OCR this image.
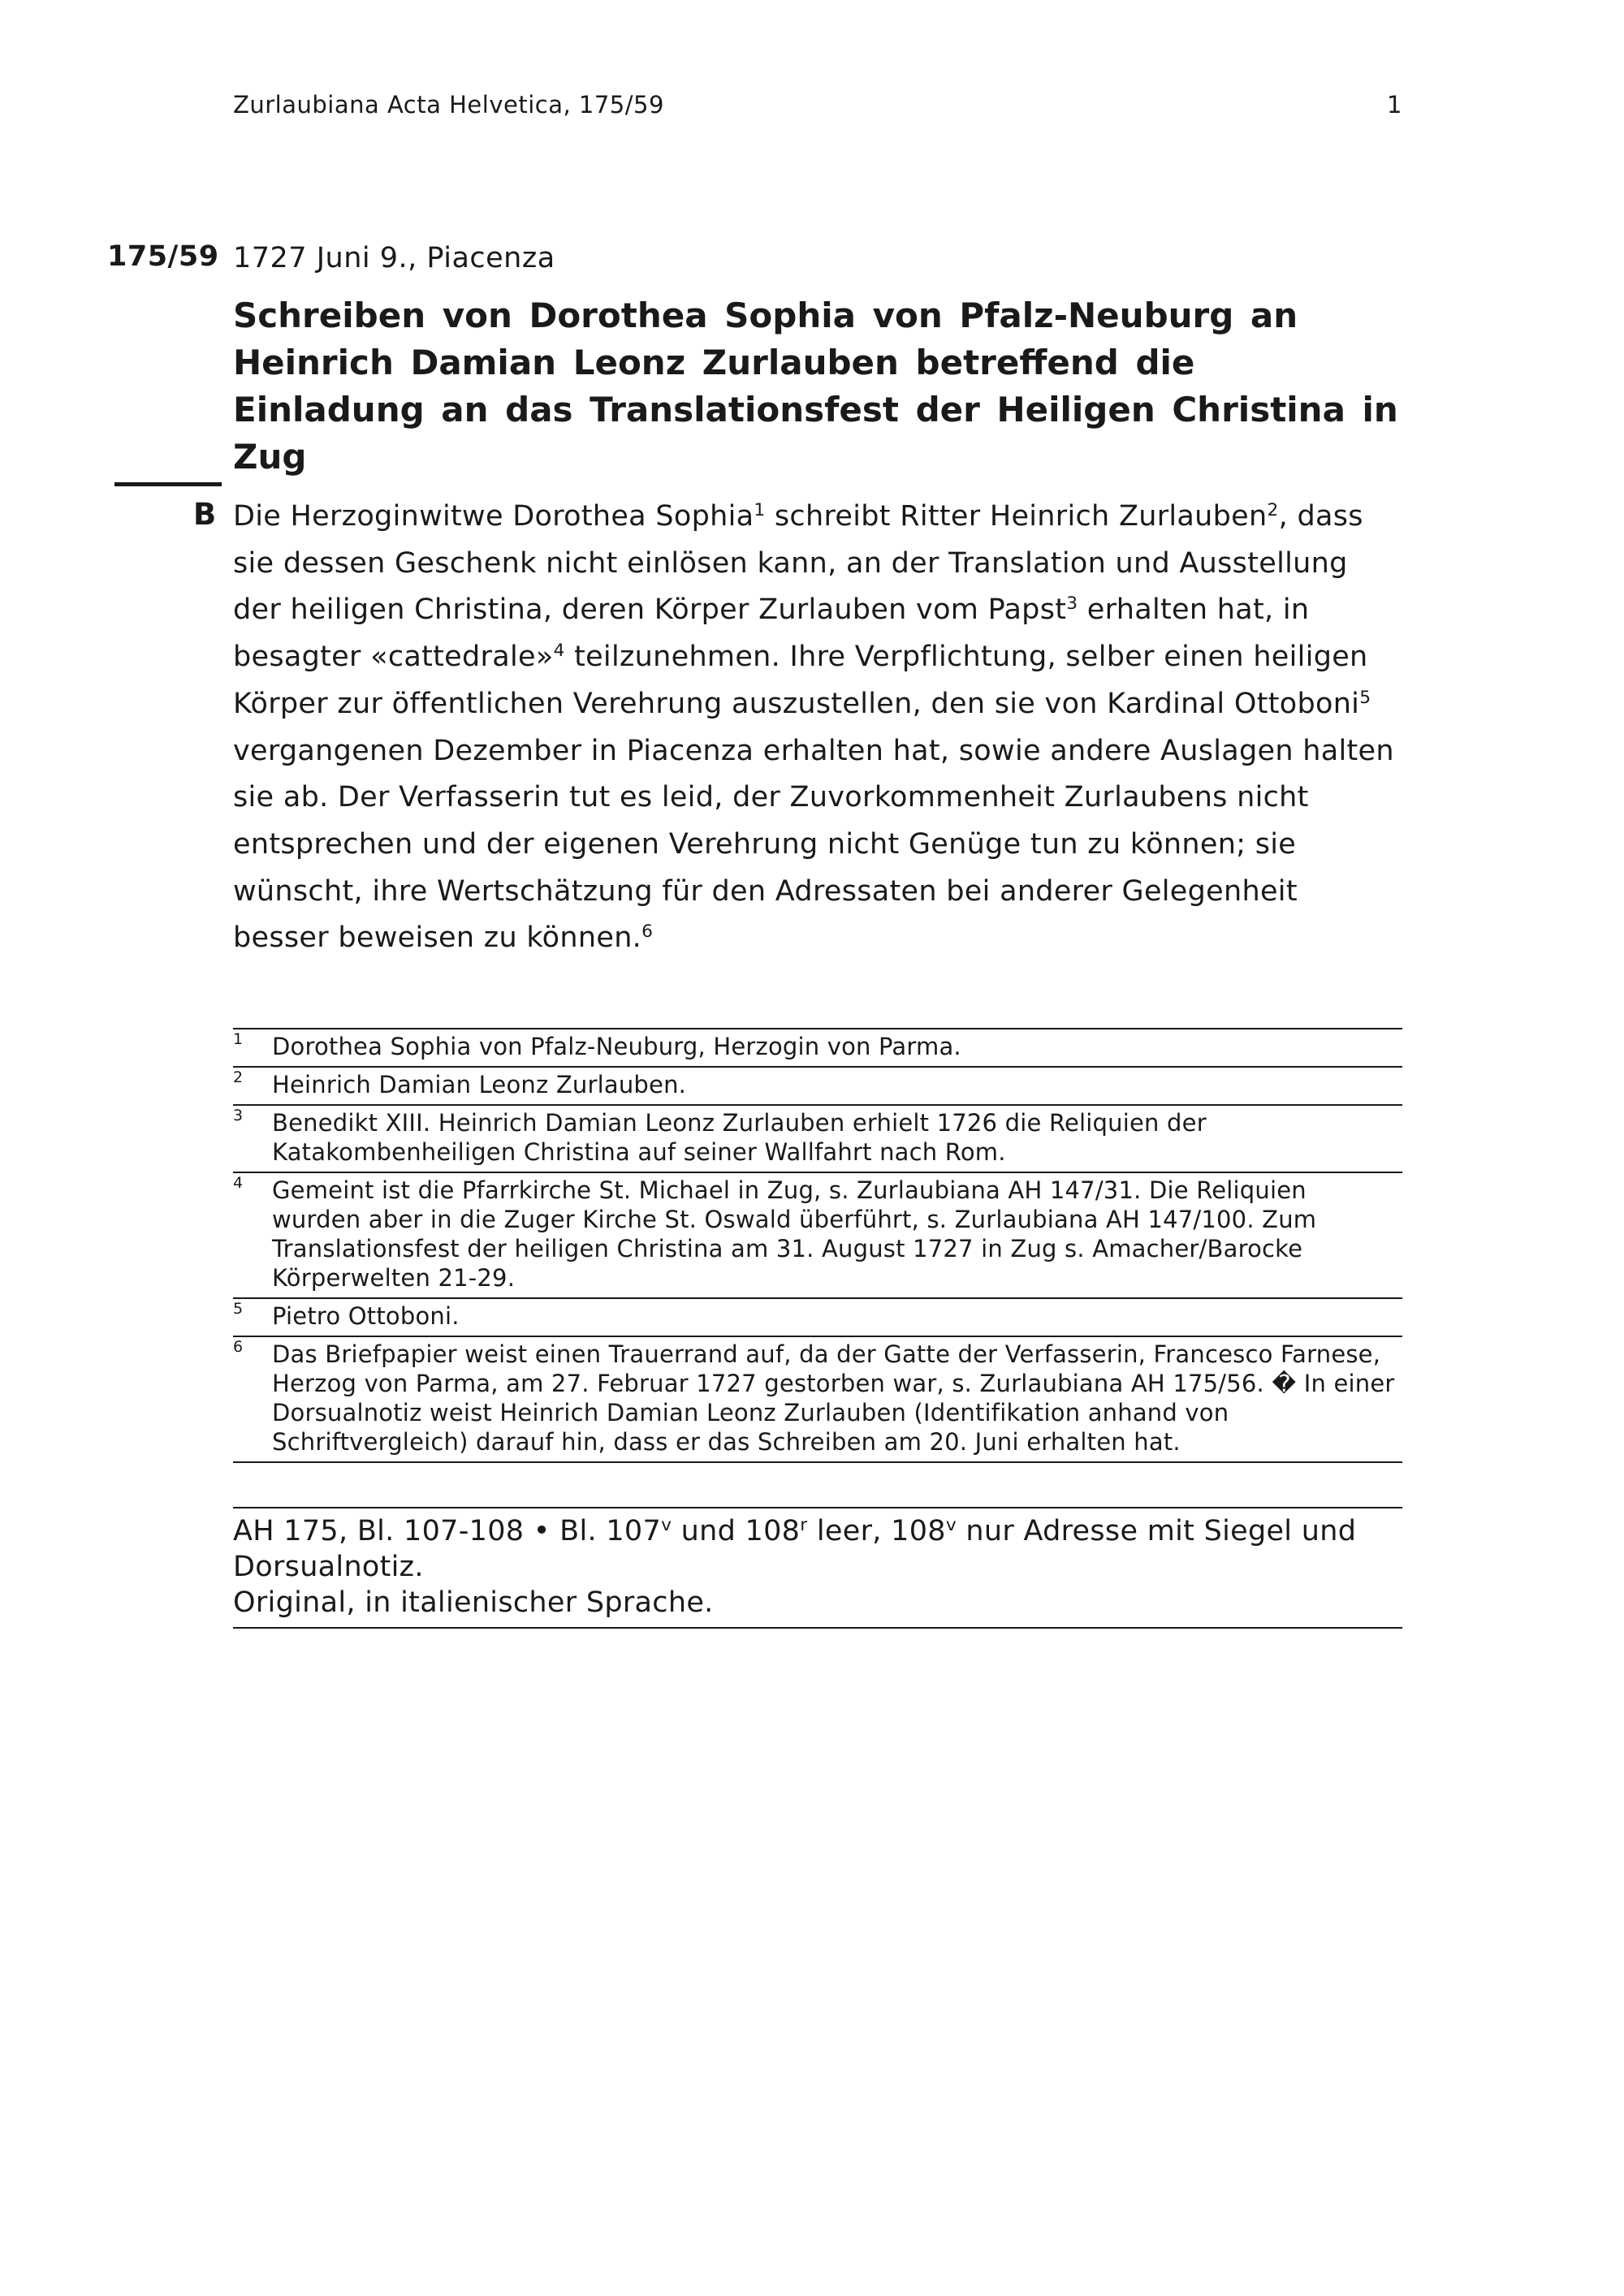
Zurlaubiana Acta Helvetica, 175/59	1
175/59 1727 Juni 9., Piacenza
Schreiben von Dorothea Sophia von Pfalz-Neuburg an Heinrich Damian Leonz Zurlauben betreffend die Einladung an das Translationsfest der Heiligen Christina in Zug
B Die Herzoginwitwe Dorothea Sophia$^1$ schreibt Ritter Heinrich Zurlauben$^2$, dass sie dessen Geschenk nicht einlösen kann, an der Translation und Ausstellung der heiligen Christina, deren Körper Zurlauben vom Papst$^3$ erhalten hat, in besagter «cattedrale»$^4$ teilzunehmen. Ihre Verpflichtung, selber einen heiligen Körper zur öffentlichen Verehrung auszustellen, den sie von Kardinal Ottoboni$^5$ vergangenen Dezember in Piacenza erhalten hat, sowie andere Auslagen halten sie ab. Der Verfasserin tut es leid, der Zuvorkommenheit Zurlaubens nicht entsprechen und der eigenen Verehrung nicht Genüge tun zu können; sie wünscht, ihre Wertschätzung für den Adressaten bei anderer Gelegenheit besser beweisen zu können.$^6$

1 Dorothea Sophia von Pfalz-Neuburg, Herzogin von Parma.
2 Heinrich Damian Leonz Zurlauben.
3 Benedikt XIII. Heinrich Damian Leonz Zurlauben erhielt 1726 die Reliquien der Katakombenheiligen Christina auf seiner Wallfahrt nach Rom.
4 Gemeint ist die Pfarrkirche St. Michael in Zug, s. Zurlaubiana AH 147/31. Die Reliquien wurden aber in die Zuger Kirche St. Oswald überführt, s. Zurlaubiana AH 147/100. Zum Translationsfest der heiligen Christina am 31. August 1727 in Zug s. Amacher/Barocke Körperwelten 21-29.
5 Pietro Ottoboni.
6 Das Briefpapier weist einen Trauerrand auf, da der Gatte der Verfasserin, Francesco Farnese, Herzog von Parma, am 27. Februar 1727 gestorben war, s. Zurlaubiana AH 175/56. � In einer Dorsualnotiz weist Heinrich Damian Leonz Zurlauben (Identifikation anhand von Schriftvergleich) darauf hin, dass er das Schreiben am 20. Juni erhalten hat.
AH 175, Bl. 107-108 • Bl. 107$^v$ und 108$^r$ leer, 108$^v$ nur Adresse mit Siegel und Dorsualnotiz.
Original, in italienischer Sprache.
